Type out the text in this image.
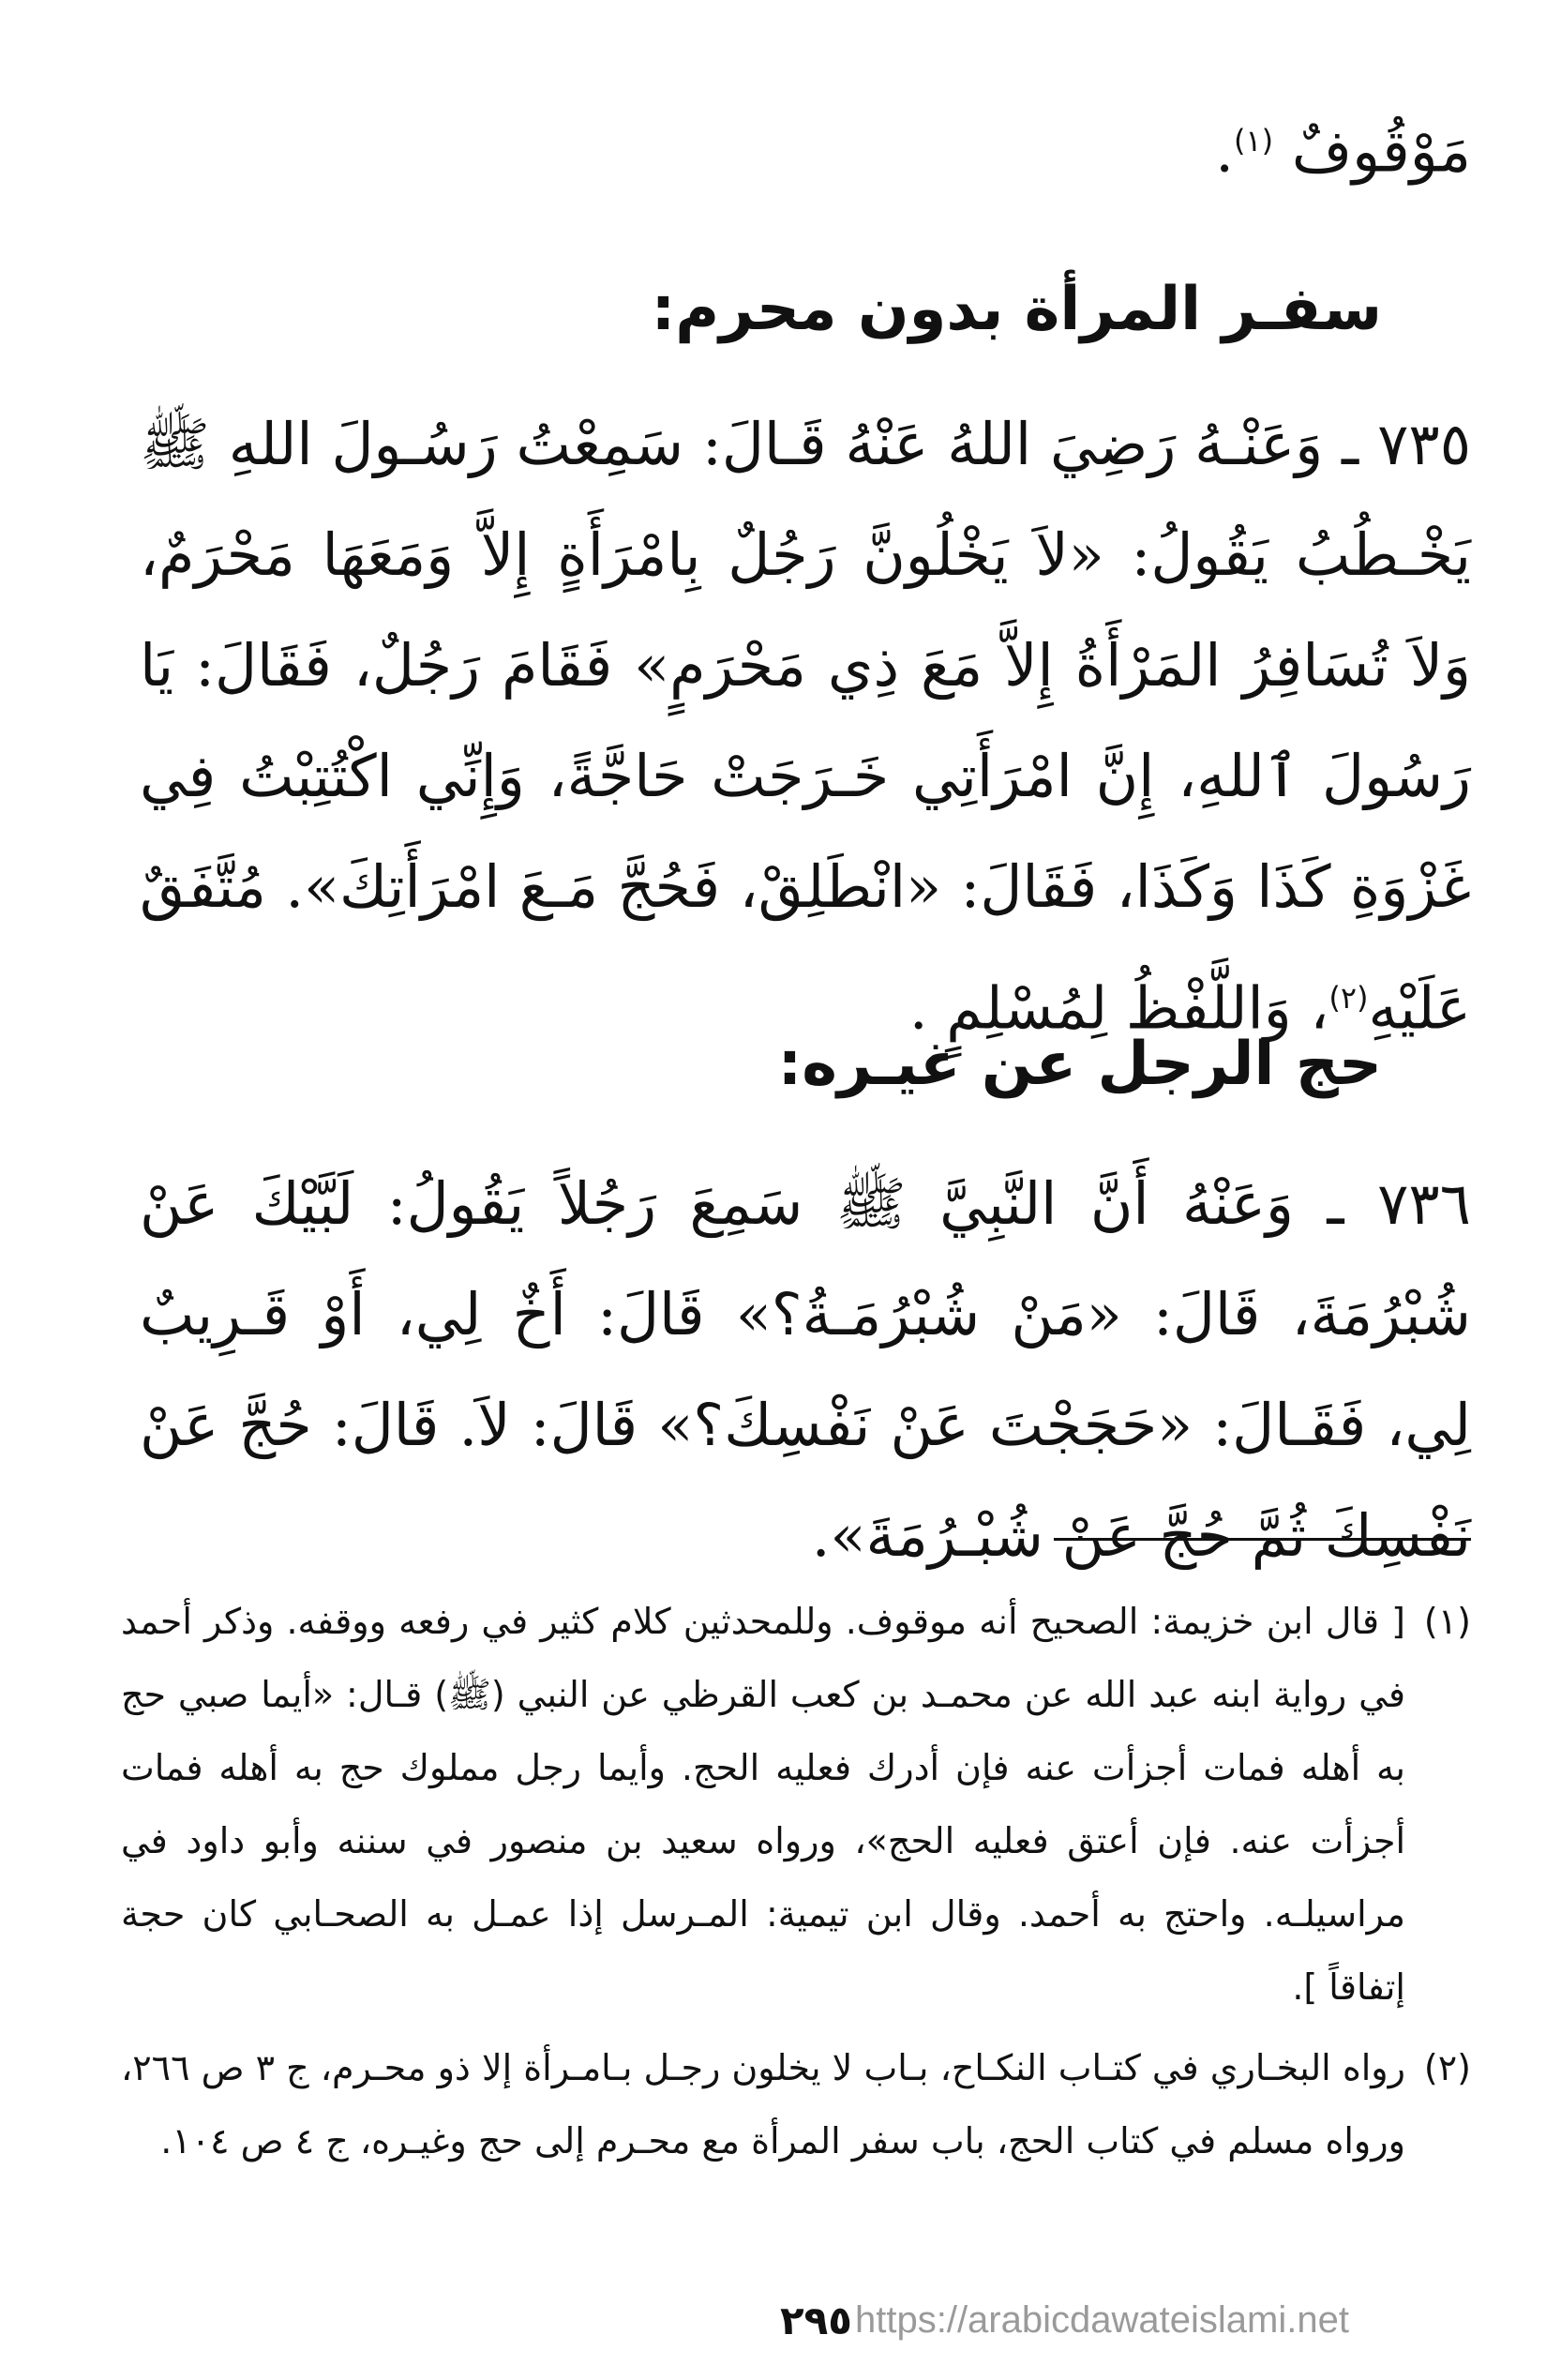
مَوْقُوفٌ $^{(١)}$.
سفـر المرأة بدون محرم:
٧٣٥ ـ وَعَنْـهُ رَضِيَ اللهُ عَنْهُ قَـالَ: سَمِعْتُ رَسُـولَ اللهِ ﷺ يَخْـطُبُ يَقُولُ: «لاَ يَخْلُونَّ رَجُلٌ بِامْرَأَةٍ إِلاَّ وَمَعَهَا مَحْرَمٌ، وَلاَ تُسَافِرُ المَرْأَةُ إِلاَّ مَعَ ذِي مَحْرَمٍ» فَقَامَ رَجُلٌ، فَقَالَ: يَا رَسُولَ ٱللهِ، إِنَّ امْرَأَتِي خَـرَجَتْ حَاجَّةً، وَإِنِّي اكْتُتِبْتُ فِي غَزْوَةِ كَذَا وَكَذَا، فَقَالَ: «انْطَلِقْ، فَحُجَّ مَـعَ امْرَأَتِكَ». مُتَّفَقٌ عَلَيْهِ$^{(٢)}$، وَاللَّفْظُ لِمُسْلِمٍ .
حج الرجل عن غيـره:
٧٣٦ ـ وَعَنْهُ أَنَّ النَّبِيَّ ﷺ سَمِعَ رَجُلاً يَقُولُ: لَبَّيْكَ عَنْ شُبْرُمَةَ، قَالَ: «مَنْ شُبْرُمَـةُ؟» قَالَ: أَخٌ لِي، أَوْ قَـرِيبٌ لِي، فَقَـالَ: «حَجَجْتَ عَنْ نَفْسِكَ؟» قَالَ: لاَ. قَالَ: حُجَّ عَنْ نَفْسِكَ ثُمَّ حُجَّ عَنْ شُبْـرُمَةَ».
(١)
[ قال ابن خزيمة: الصحيح أنه موقوف. وللمحدثين كلام كثير في رفعه ووقفه. وذكر أحمد في رواية ابنه عبد الله عن محمـد بن كعب القرظي عن النبي (ﷺ) قـال: «أيما صبي حج به أهله فمات أجزأت عنه فإن أدرك فعليه الحج. وأيما رجل مملوك حج به أهله فمات أجزأت عنه. فإن أعتق فعليه الحج»، ورواه سعيد بن منصور في سننه وأبو داود في مراسيلـه. واحتج به أحمد. وقال ابن تيمية: المـرسل إذا عمـل به الصحـابي كان حجة إتفاقاً ].
(٢)
رواه البخـاري في كتـاب النكـاح، بـاب لا يخلون رجـل بـامـرأة إلا ذو محـرم، ج ٣ ص ٢٦٦، ورواه مسلم في كتاب الحج، باب سفر المرأة مع محـرم إلى حج وغيـره، ج ٤ ص ١٠٤.
٢٩٥ https://arabicdawateislami.net
